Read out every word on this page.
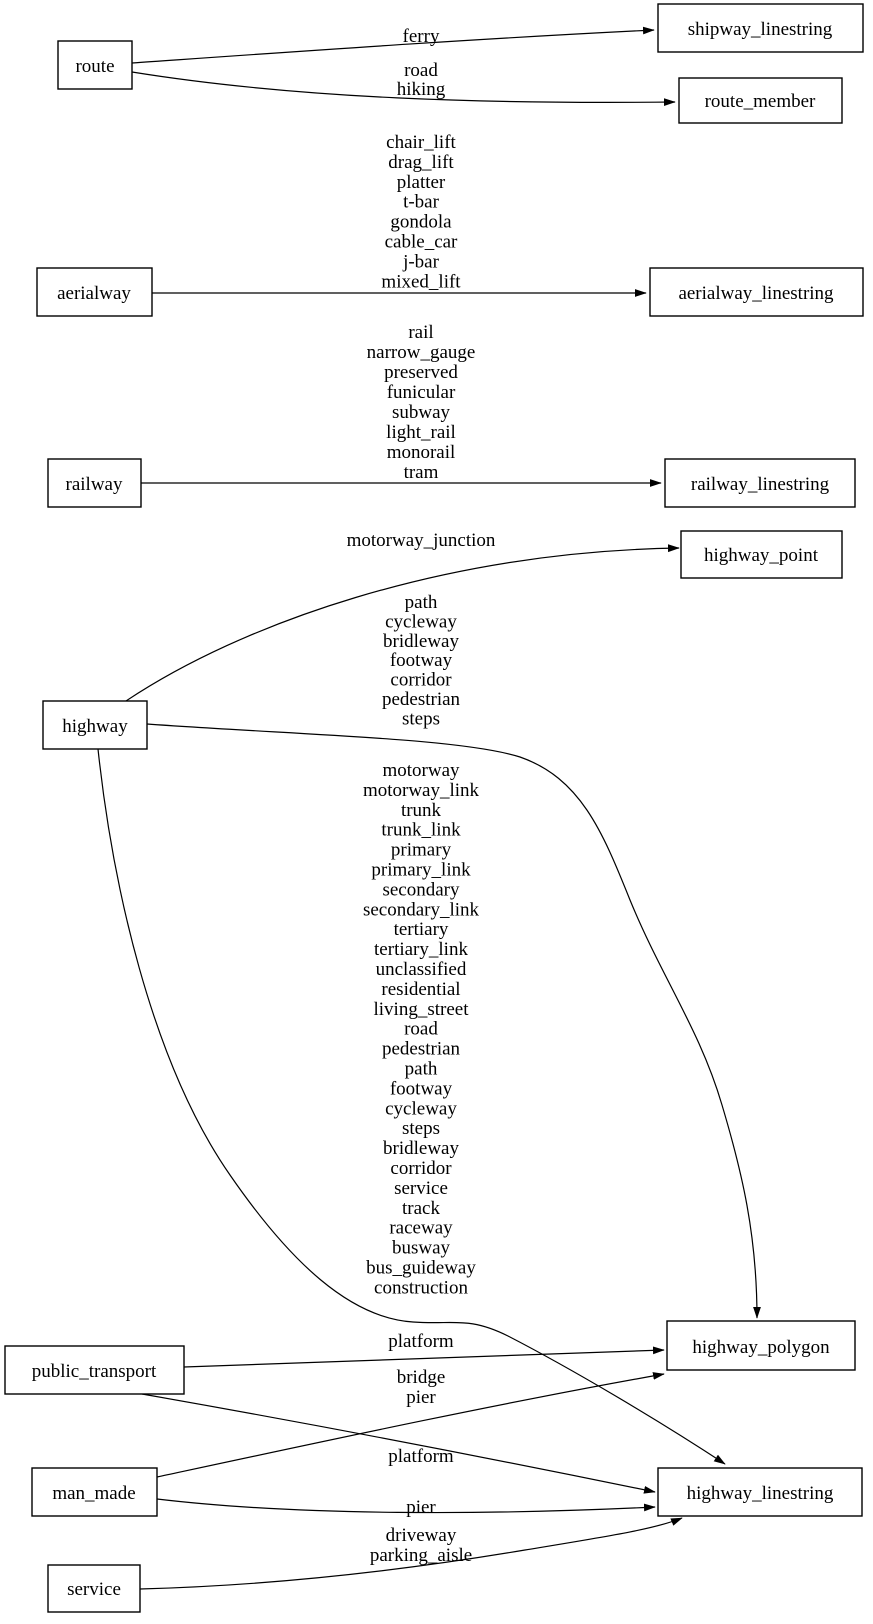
ferry
road
hiking
chair_lift
drag_lift
platter
t-bar
gondola
cable_car
j-bar
mixed_lift
rail
narrow_gauge
preserved
funicular
subway
light_rail
monorail
tram
motorway_junction
path
cycleway
bridleway
footway
corridor
pedestrian
steps
motorway
motorway_link
trunk
trunk_link
primary
primary_link
secondary
secondary_link
tertiary
tertiary_link
unclassified
residential
living_street
road
pedestrian
path
footway
cycleway
steps
bridleway
corridor
service
track
raceway
busway
bus_guideway
construction
platform
platform
bridge
pier
pier
driveway
parking_aisle
route
shipway_linestring
route_member
aerialway	aerialway_linestring
railway	railway_linestring
highway
highway_point
highway_polygon
public_transport
man_made
service
highway_linestring
